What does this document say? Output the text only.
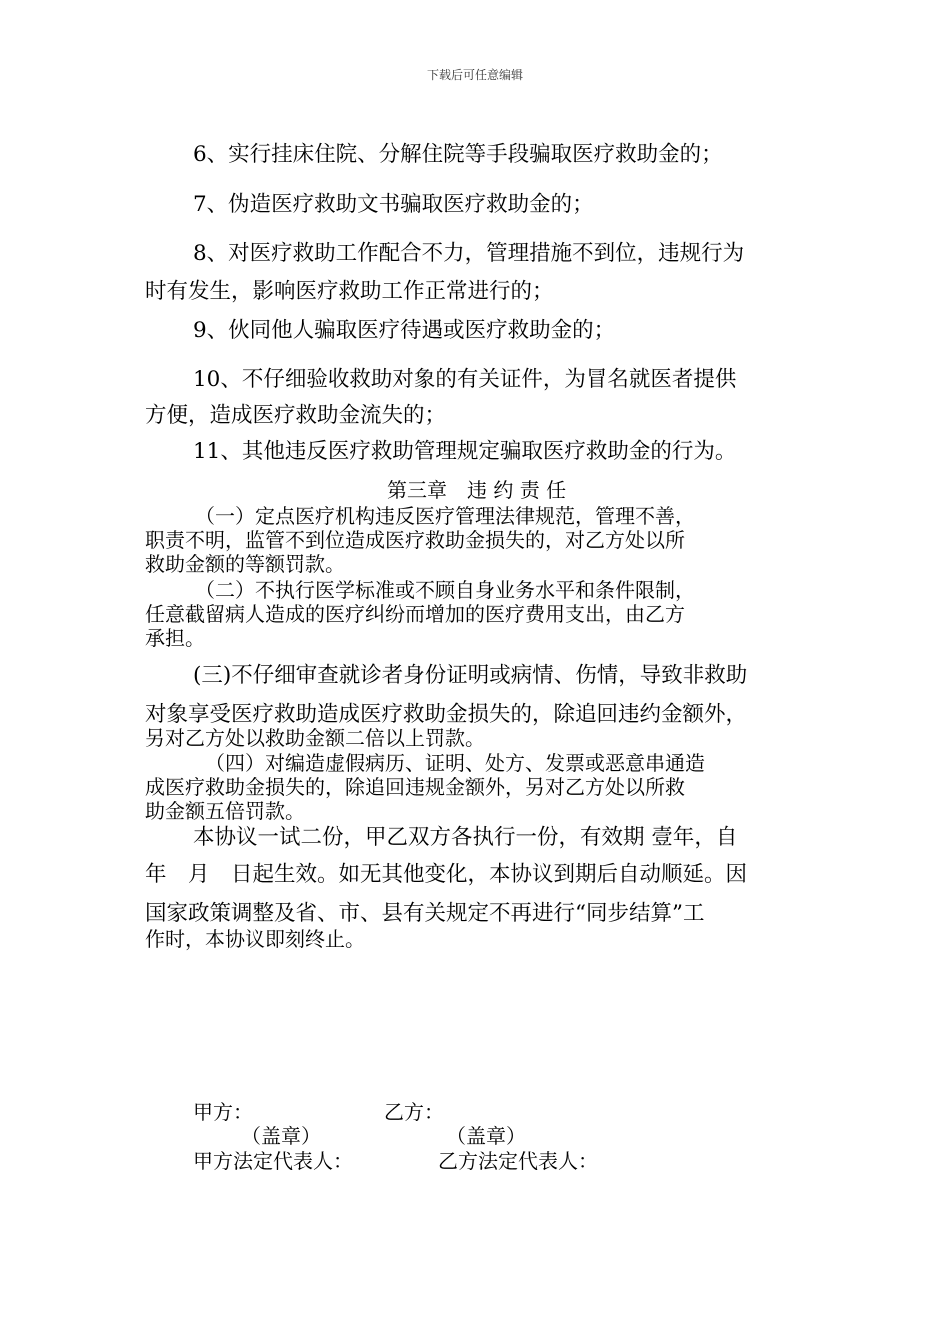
下载后可任意编辑
6、实行挂床住院、分解住院等手段骗取医疗救助金的；
7、伪造医疗救助文书骗取医疗救助金的；
8、对医疗救助工作配合不力，管理措施不到位，违规行为
时有发生，影响医疗救助工作正常进行的；
9、伙同他人骗取医疗待遇或医疗救助金的；
10、不仔细验收救助对象的有关证件，为冒名就医者提供
方便，造成医疗救助金流失的；
11、其他违反医疗救助管理规定骗取医疗救助金的行为。
第三章　违 约 责 任
（一）定点医疗机构违反医疗管理法律规范，管理不善，
职责不明，监管不到位造成医疗救助金损失的，对乙方处以所
救助金额的等额罚款。
（二）不执行医学标准或不顾自身业务水平和条件限制，
任意截留病人造成的医疗纠纷而增加的医疗费用支出，由乙方
承担。
(三)不仔细审查就诊者身份证明或病情、伤情，导致非救助
对象享受医疗救助造成医疗救助金损失的，除追回违约金额外，
另对乙方处以救助金额二倍以上罚款。
（四）对编造虚假病历、证明、处方、发票或恶意串通造
成医疗救助金损失的，除追回违规金额外，另对乙方处以所救
助金额五倍罚款。
本协议一试二份，甲乙双方各执行一份，有效期 壹年，自
年　月　日起生效。如无其他变化，本协议到期后自动顺延。因
国家政策调整及省、市、县有关规定不再进行“同步结算”工
作时，本协议即刻终止。
甲方：	乙方：
（盖章）	（盖章）
甲方法定代表人：	乙方法定代表人：
